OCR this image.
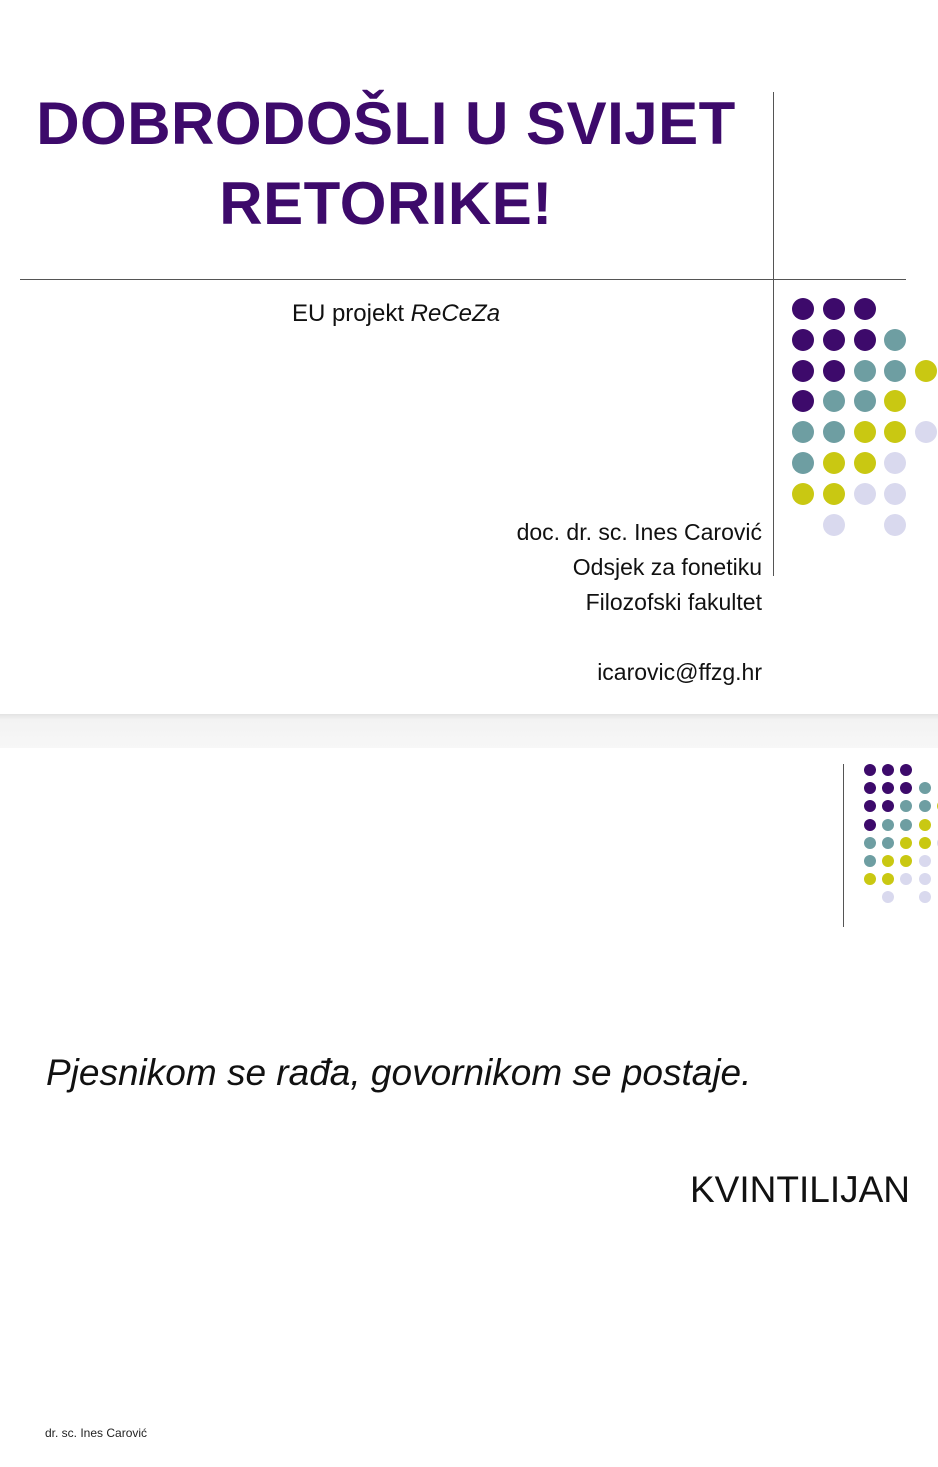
DOBRODOŠLI U SVIJET
RETORIKE!
EU projekt ReCeZa
doc. dr. sc. Ines Carović
Odsjek za fonetiku
Filozofski fakultet
icarovic@ffzg.hr
Pjesnikom se rađa, govornikom se postaje.
KVINTILIJAN
dr. sc. Ines Carović
